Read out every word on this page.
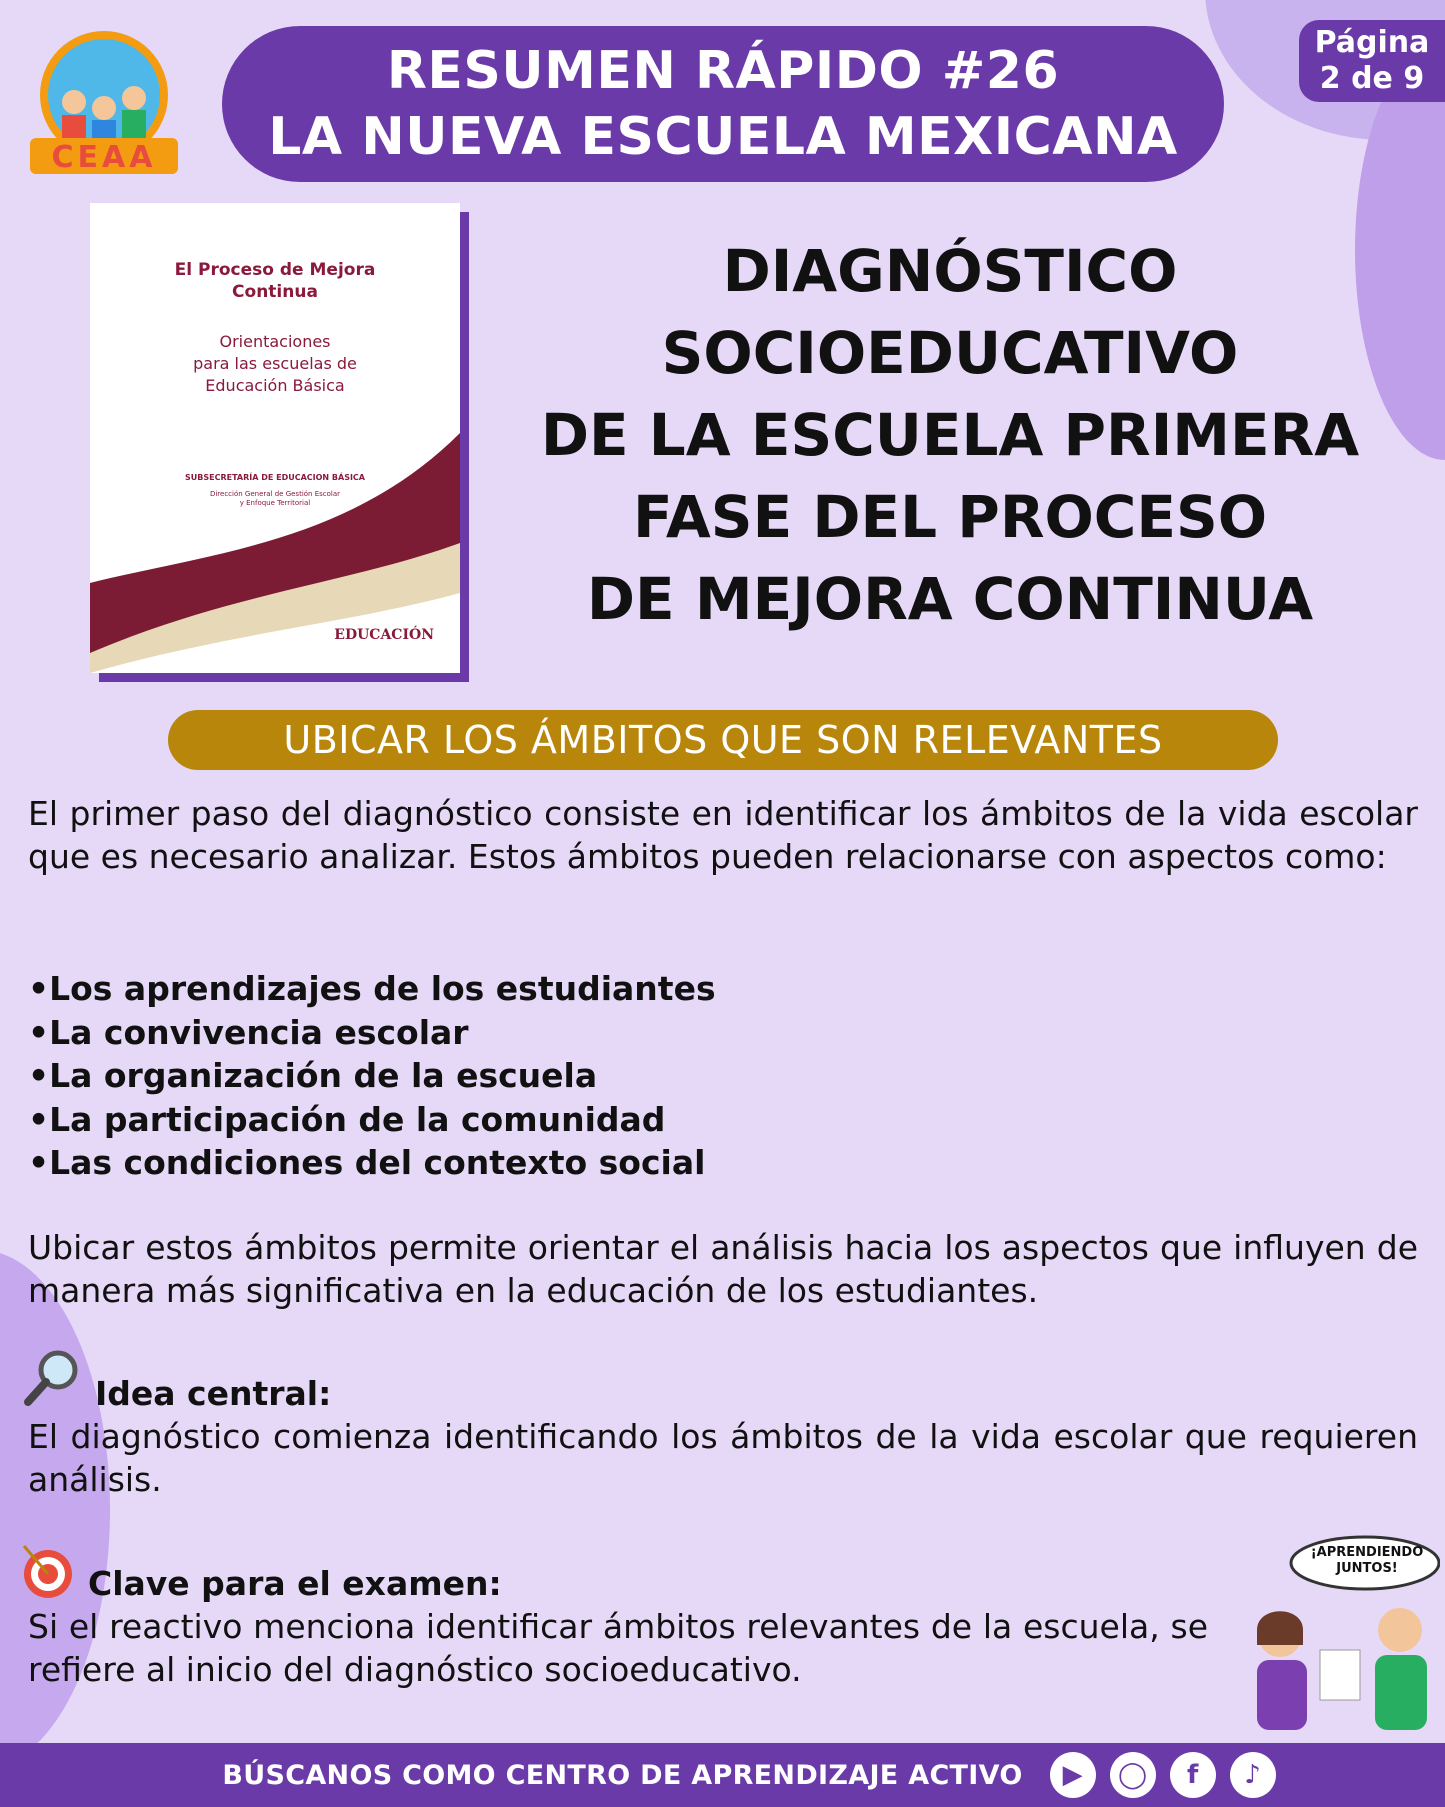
CEAA
RESUMEN RÁPIDO #26
LA NUEVA ESCUELA MEXICANA
Página
2 de 9
El Proceso de Mejora
Continua
Orientaciones
para las escuelas de
Educación Básica
SUBSECRETARÍA DE EDUCACION BÁSICA
Dirección General de Gestión Escolar
y Enfoque Territorial
EDUCACIÓN
DIAGNÓSTICO
SOCIOEDUCATIVO
DE LA ESCUELA PRIMERA
FASE DEL PROCESO
DE MEJORA CONTINUA
UBICAR LOS ÁMBITOS QUE SON RELEVANTES
El primer paso del diagnóstico consiste en identificar los ámbitos de la vida escolar que es necesario analizar. Estos ámbitos pueden relacionarse con aspectos como:
• Los aprendizajes de los estudiantes
• La convivencia escolar
• La organización de la escuela
• La participación de la comunidad
• Las condiciones del contexto social
Ubicar estos ámbitos permite orientar el análisis hacia los aspectos que influyen de manera más significativa en la educación de los estudiantes.
Idea central:
El diagnóstico comienza identificando los ámbitos de la vida escolar que requieren análisis.
Clave para el examen:
Si el reactivo menciona identificar ámbitos relevantes de la escuela, se refiere al inicio del diagnóstico socioeducativo.
¡APRENDIENDO JUNTOS!
BÚSCANOS COMO CENTRO DE APRENDIZAJE ACTIVO	▶	◯	f	♪
